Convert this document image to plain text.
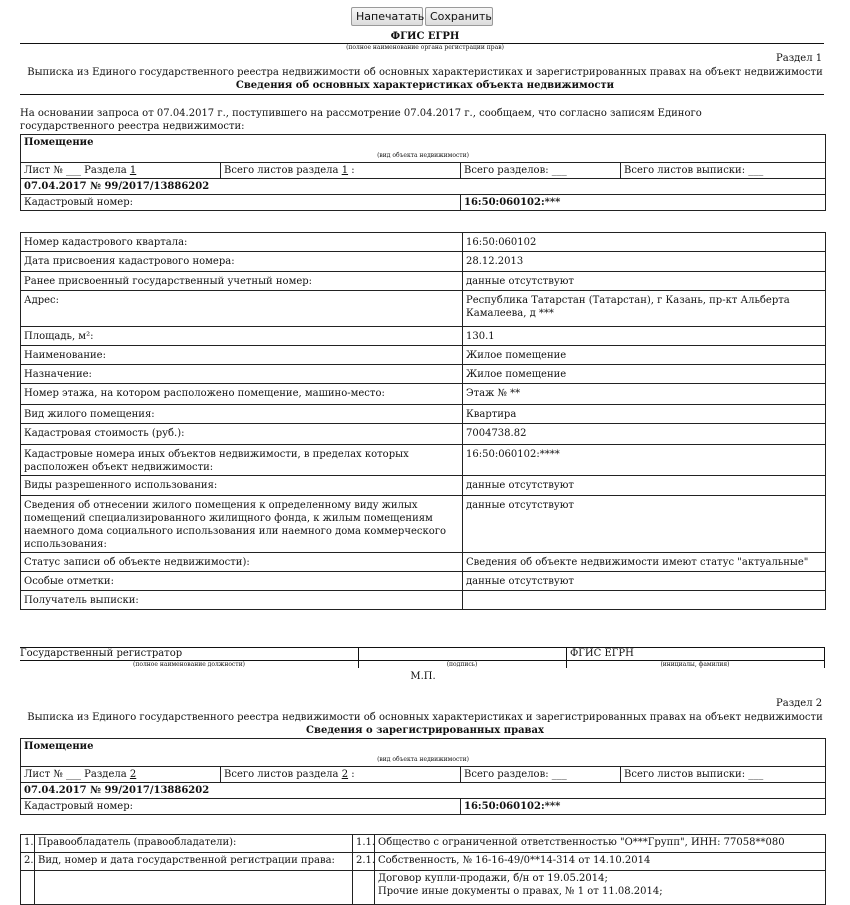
Напечатать Сохранить
ФГИС ЕГРН
(полное наименование органа регистрации прав)
Раздел 1
Выписка из Единого государственного реестра недвижимости об основных характеристиках и зарегистрированных правах на объект недвижимости
Сведения об основных характеристиках объекта недвижимости
На основании запроса от 07.04.2017 г., поступившего на рассмотрение 07.04.2017 г., сообщаем, что согласно записям Единого государственного реестра недвижимости:
Помещение
(вид объекта недвижимости)			

Лист № ___ Раздела 1	Всего листов раздела 1 :	Всего разделов: ___	Всего листов выписки: ___
07.04.2017 № 99/2017/13886202			
Кадастровый номер:		16:50:060102:***	
Номер кадастрового квартала:	16:50:060102
Дата присвоения кадастрового номера:	28.12.2013
Ранее присвоенный государственный учетный номер:	данные отсутствуют
Адрес:	Республика Татарстан (Татарстан), г Казань, пр-кт Альберта Камалеева, д ***
Площадь, м²:	130.1
Наименование:	Жилое помещение
Назначение:	Жилое помещение
Номер этажа, на котором расположено помещение, машино-место:	Этаж № **
Вид жилого помещения:	Квартира
Кадастровая стоимость (руб.):	7004738.82
Кадастровые номера иных объектов недвижимости, в пределах которых расположен объект недвижимости:	16:50:060102:****
Виды разрешенного использования:	данные отсутствуют
Сведения об отнесении жилого помещения к определенному виду жилых помещений специализированного жилищного фонда, к жилым помещениям наемного дома социального использования или наемного дома коммерческого использования:	данные отсутствуют
Статус записи об объекте недвижимости):	Сведения об объекте недвижимости имеют статус "актуальные"
Особые отметки:	данные отсутствуют
Получатель выписки:	
Государственный регистратор	ФГИС ЕГРН
(полное наименование должности)	(подпись)	(инициалы, фамилия)
М.П.
Раздел 2
Выписка из Единого государственного реестра недвижимости об основных характеристиках и зарегистрированных правах на объект недвижимости
Сведения о зарегистрированных правах
Помещение
(вид объекта недвижимости)			

Лист № ___ Раздела 2	Всего листов раздела 2 :	Всего разделов: ___	Всего листов выписки: ___
07.04.2017 № 99/2017/13886202			
Кадастровый номер:		16:50:060102:***	
1.	Правообладатель (правообладатели):	1.1.	Общество с ограниченной ответственностью "О***Групп", ИНН: 77058**080
2.	Вид, номер и дата государственной регистрации права:	2.1.	Собственность, № 16-16-49/0**14-314 от 14.10.2014

			Договор купли-продажи, б/н от 19.05.2014;
Прочие иные документы о правах, № 1 от 11.08.2014;
